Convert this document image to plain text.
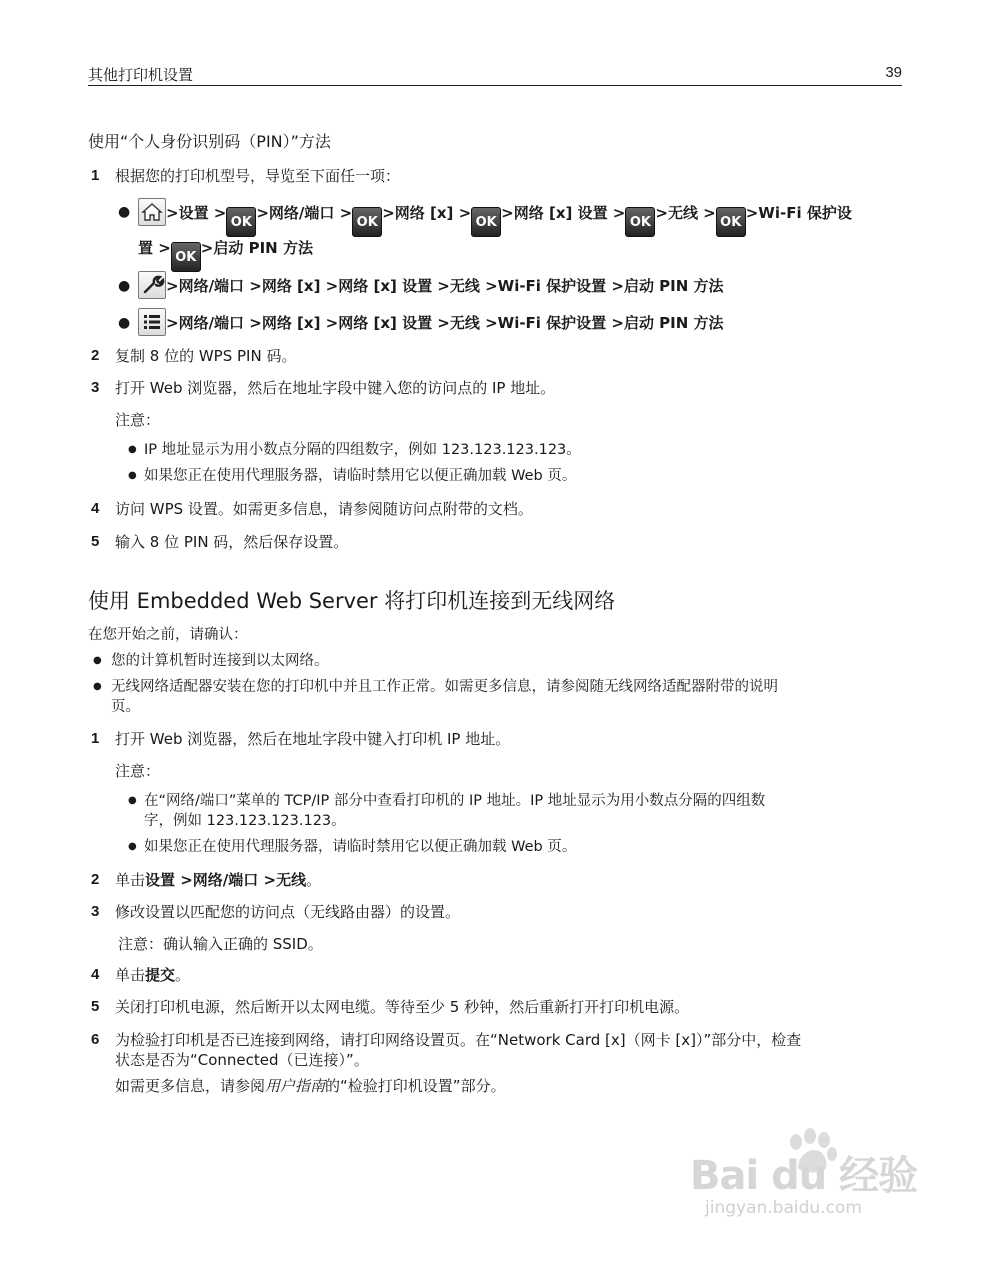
其他打印机设置	39
使用“个人身份识别码（PIN）”方法
1 根据您的打印机型号，导览至下面任一项：
●	>设置 >OK>网络/端口 >OK>网络 [x] >OK>网络 [x] 设置 >OK>无线 >OK>Wi-Fi 保护设
置 >OK>启动 PIN 方法
●	>网络/端口 >网络 [x] >网络 [x] 设置 >无线 >Wi-Fi 保护设置 >启动 PIN 方法
●	>网络/端口 >网络 [x] >网络 [x] 设置 >无线 >Wi-Fi 保护设置 >启动 PIN 方法
2 复制 8 位的 WPS PIN 码。
3 打开 Web 浏览器，然后在地址字段中键入您的访问点的 IP 地址。
注意：
● IP 地址显示为用小数点分隔的四组数字，例如 123.123.123.123。
● 如果您正在使用代理服务器，请临时禁用它以便正确加载 Web 页。
4 访问 WPS 设置。如需更多信息，请参阅随访问点附带的文档。
5 输入 8 位 PIN 码，然后保存设置。
使用 Embedded Web Server 将打印机连接到无线网络
在您开始之前，请确认：
● 您的计算机暂时连接到以太网络。
● 无线网络适配器安装在您的打印机中并且工作正常。如需更多信息，请参阅随无线网络适配器附带的说明
页。
1 打开 Web 浏览器，然后在地址字段中键入打印机 IP 地址。
注意：
● 在“网络/端口”菜单的 TCP/IP 部分中查看打印机的 IP 地址。IP 地址显示为用小数点分隔的四组数
字，例如 123.123.123.123。
● 如果您正在使用代理服务器，请临时禁用它以便正确加载 Web 页。
2 单击设置 >网络/端口 >无线。
3 修改设置以匹配您的访问点（无线路由器）的设置。
注意：确认输入正确的 SSID。
4 单击提交。
5 关闭打印机电源，然后断开以太网电缆。等待至少 5 秒钟，然后重新打开打印机电源。
6 为检验打印机是否已连接到网络，请打印网络设置页。在“Network Card [x]（网卡 [x]）”部分中，检查
状态是否为“Connected（已连接）”。
如需更多信息，请参阅用户指南的“检验打印机设置”部分。
Bai du 经验
jingyan.baidu.com
